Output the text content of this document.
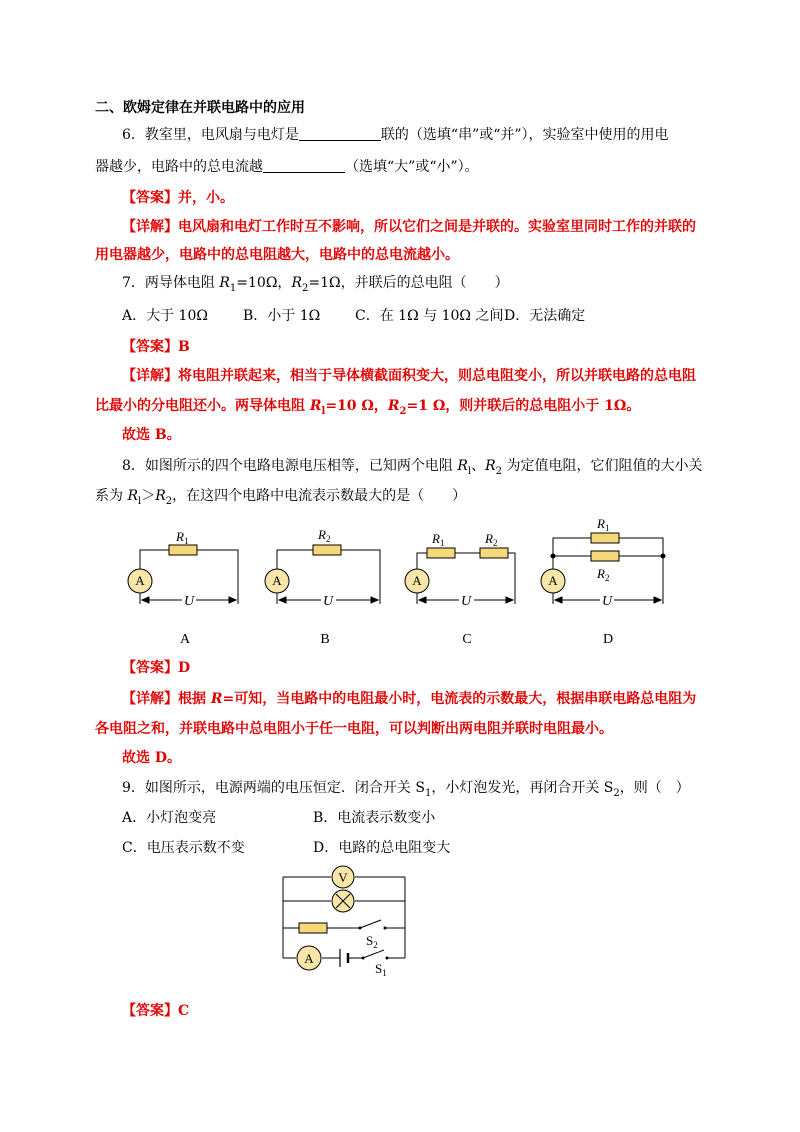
二、欧姆定律在并联电路中的应用
6．教室里，电风扇与电灯是	联的（选填“串”或“并”），实验室中使用的用电
器越少，电路中的总电流越	（选填“大”或“小”）。
【答案】并，小。
【详解】电风扇和电灯工作时互不影响，所以它们之间是并联的。实验室里同时工作的并联的
用电器越少，电路中的总电阻越大，电路中的总电流越小。
7．两导体电阻 $R_1=10\Omega$，$R_2=1\Omega$，并联后的总电阻（　　）
A．大于 10Ω	B．小于 1Ω C．在 1Ω 与 10Ω 之间 D．无法确定
【答案】B
【详解】将电阻并联起来，相当于导体横截面积变大，则总电阻变小，所以并联电路的总电阻
比最小的分电阻还小。两导体电阻 $R_l=10$ Ω，$R_2=1$ Ω，则并联后的总电阻小于 1Ω。
故选 B。
8．如图所示的四个电路电源电压相等，已知两个电阻 $R_l$、$R_2$ 为定值电阻，它们阻值的大小关
系为 $R_l>R_2$，在这四个电路中电流表示数最大的是（　　）
A	A	A	A
U	U	U	U
$R_1$	$R_2$	$R_1$	$R_2$
$R_1$
$R_2$
A	B	C	D
【答案】D
【详解】根据 R=可知，当电路中的电阻最小时，电流表的示数最大，根据串联电路总电阻为
各电阻之和，并联电路中总电阻小于任一电阻，可以判断出两电阻并联时电阻最小。
故选 D。
9．如图所示，电源两端的电压恒定．闭合开关 $S_1$，小灯泡发光，再闭合开关 $S_2$，则（　）
A．小灯泡变亮	B．电流表示数变小
C．电压表示数不变	D．电路的总电阻变大
V
A
$S_2$
$S_1$
【答案】C
